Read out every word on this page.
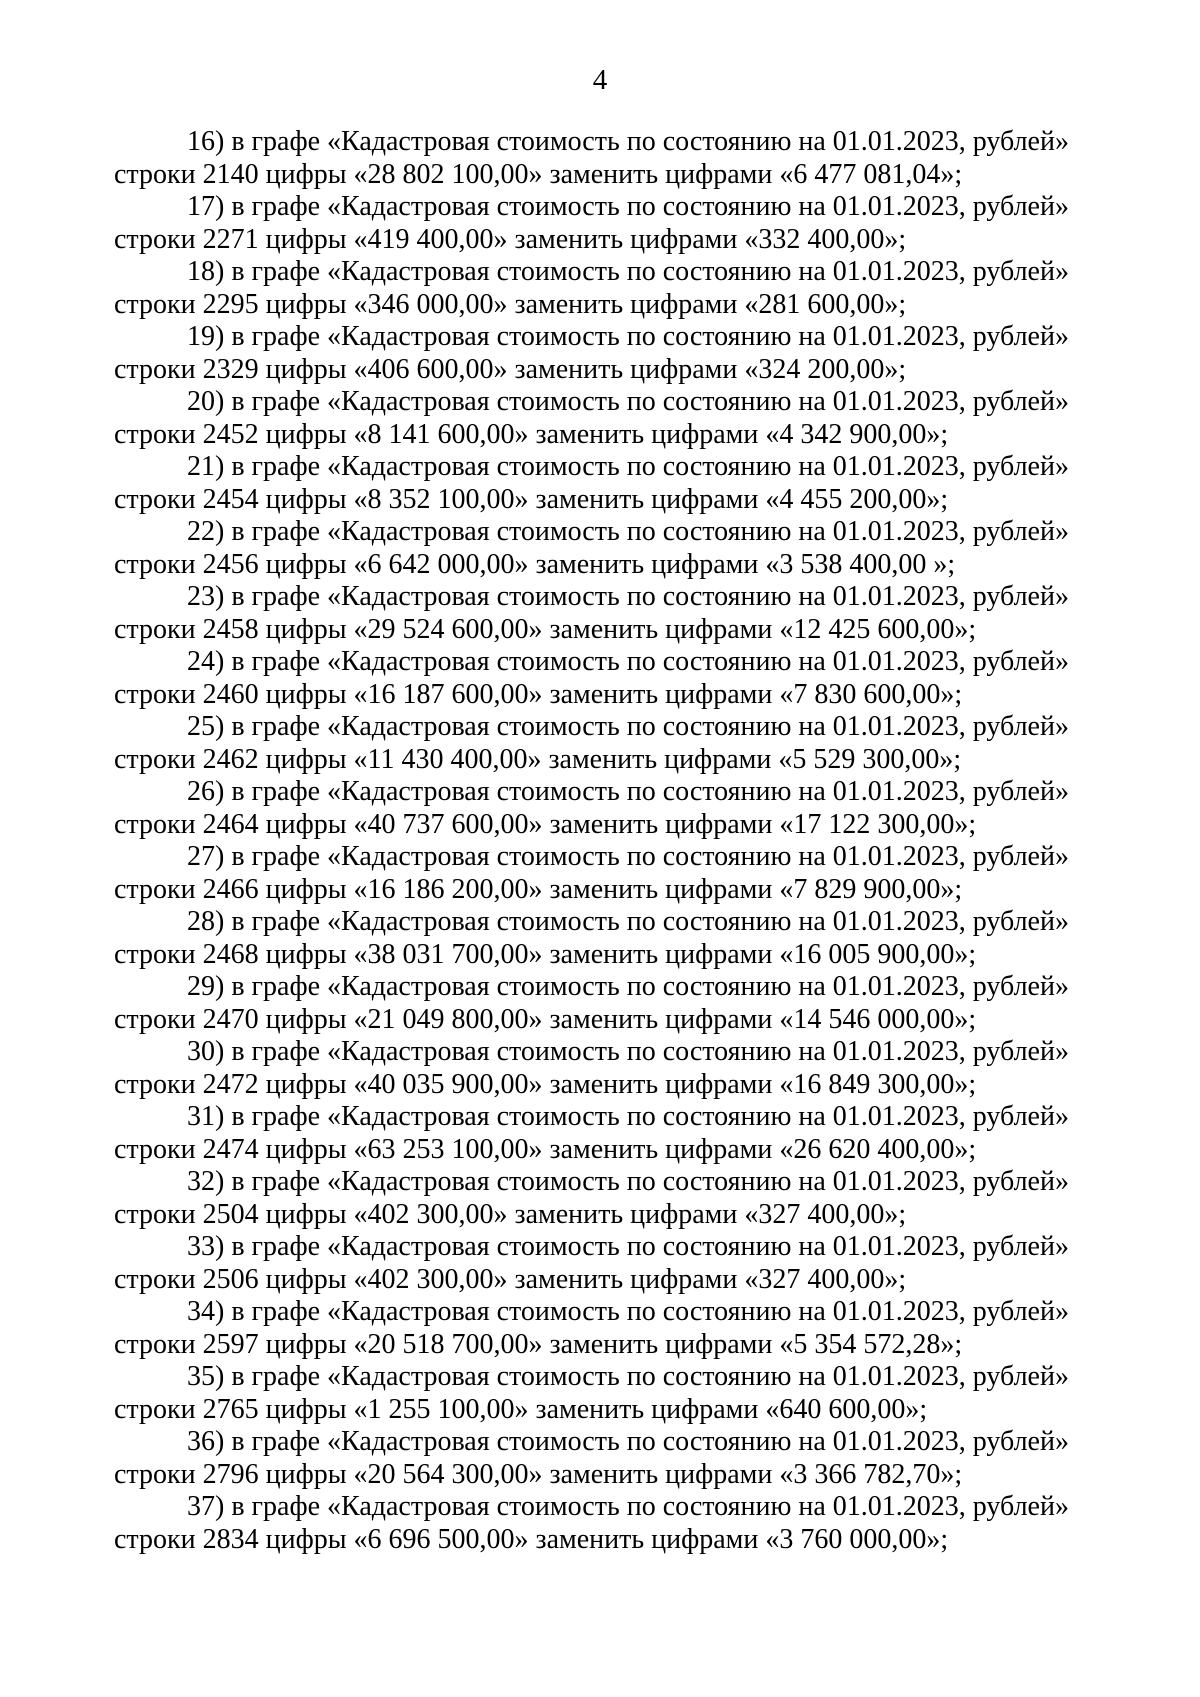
4
16) в графе «Кадастровая стоимость по состоянию на 01.01.2023, рублей»
строки 2140 цифры «28 802 100,00» заменить цифрами «6 477 081,04»;
17) в графе «Кадастровая стоимость по состоянию на 01.01.2023, рублей»
строки 2271 цифры «419 400,00» заменить цифрами «332 400,00»;
18) в графе «Кадастровая стоимость по состоянию на 01.01.2023, рублей»
строки 2295 цифры «346 000,00» заменить цифрами «281 600,00»;
19) в графе «Кадастровая стоимость по состоянию на 01.01.2023, рублей»
строки 2329 цифры «406 600,00» заменить цифрами «324 200,00»;
20) в графе «Кадастровая стоимость по состоянию на 01.01.2023, рублей»
строки 2452 цифры «8 141 600,00» заменить цифрами «4 342 900,00»;
21) в графе «Кадастровая стоимость по состоянию на 01.01.2023, рублей»
строки 2454 цифры «8 352 100,00» заменить цифрами «4 455 200,00»;
22) в графе «Кадастровая стоимость по состоянию на 01.01.2023, рублей»
строки 2456 цифры «6 642 000,00» заменить цифрами «3 538 400,00 »;
23) в графе «Кадастровая стоимость по состоянию на 01.01.2023, рублей»
строки 2458 цифры «29 524 600,00» заменить цифрами «12 425 600,00»;
24) в графе «Кадастровая стоимость по состоянию на 01.01.2023, рублей»
строки 2460 цифры «16 187 600,00» заменить цифрами «7 830 600,00»;
25) в графе «Кадастровая стоимость по состоянию на 01.01.2023, рублей»
строки 2462 цифры «11 430 400,00» заменить цифрами «5 529 300,00»;
26) в графе «Кадастровая стоимость по состоянию на 01.01.2023, рублей»
строки 2464 цифры «40 737 600,00» заменить цифрами «17 122 300,00»;
27) в графе «Кадастровая стоимость по состоянию на 01.01.2023, рублей»
строки 2466 цифры «16 186 200,00» заменить цифрами «7 829 900,00»;
28) в графе «Кадастровая стоимость по состоянию на 01.01.2023, рублей»
строки 2468 цифры «38 031 700,00» заменить цифрами «16 005 900,00»;
29) в графе «Кадастровая стоимость по состоянию на 01.01.2023, рублей»
строки 2470 цифры «21 049 800,00» заменить цифрами «14 546 000,00»;
30) в графе «Кадастровая стоимость по состоянию на 01.01.2023, рублей»
строки 2472 цифры «40 035 900,00» заменить цифрами «16 849 300,00»;
31) в графе «Кадастровая стоимость по состоянию на 01.01.2023, рублей»
строки 2474 цифры «63 253 100,00» заменить цифрами «26 620 400,00»;
32) в графе «Кадастровая стоимость по состоянию на 01.01.2023, рублей»
строки 2504 цифры «402 300,00» заменить цифрами «327 400,00»;
33) в графе «Кадастровая стоимость по состоянию на 01.01.2023, рублей»
строки 2506 цифры «402 300,00» заменить цифрами «327 400,00»;
34) в графе «Кадастровая стоимость по состоянию на 01.01.2023, рублей»
строки 2597 цифры «20 518 700,00» заменить цифрами «5 354 572,28»;
35) в графе «Кадастровая стоимость по состоянию на 01.01.2023, рублей»
строки 2765 цифры «1 255 100,00» заменить цифрами «640 600,00»;
36) в графе «Кадастровая стоимость по состоянию на 01.01.2023, рублей»
строки 2796 цифры «20 564 300,00» заменить цифрами «3 366 782,70»;
37) в графе «Кадастровая стоимость по состоянию на 01.01.2023, рублей»
строки 2834 цифры «6 696 500,00» заменить цифрами «3 760 000,00»;
